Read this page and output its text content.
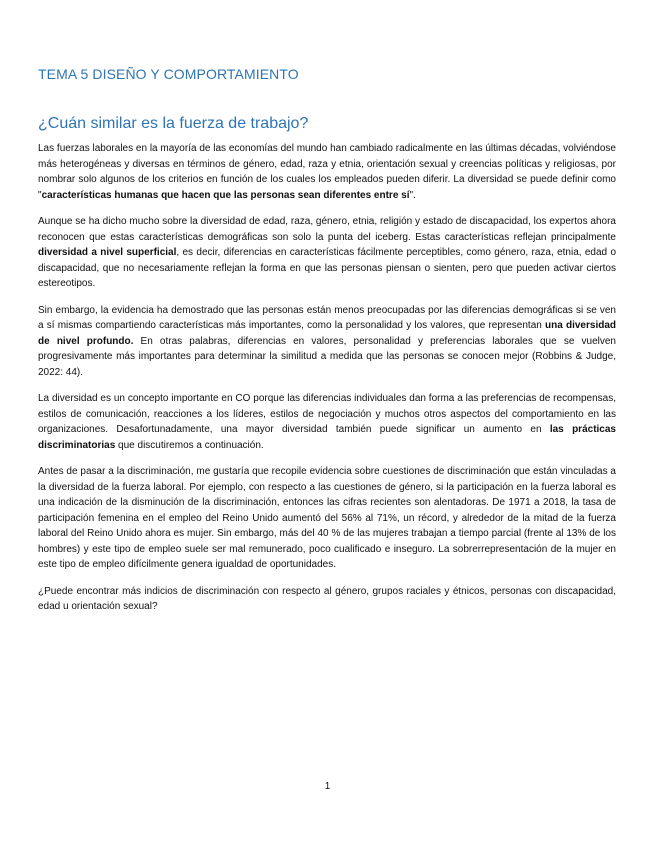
TEMA 5 DISEÑO Y COMPORTAMIENTO
¿Cuán similar es la fuerza de trabajo?

Las fuerzas laborales en la mayoría de las economías del mundo han cambiado radicalmente en las últimas décadas, volviéndose más heterogéneas y diversas en términos de género, edad, raza y etnia, orientación sexual y creencias políticas y religiosas, por nombrar solo algunos de los criterios en función de los cuales los empleados pueden diferir. La diversidad se puede definir como "características humanas que hacen que las personas sean diferentes entre sí".

Aunque se ha dicho mucho sobre la diversidad de edad, raza, género, etnia, religión y estado de discapacidad, los expertos ahora reconocen que estas características demográficas son solo la punta del iceberg. Estas características reflejan principalmente diversidad a nivel superficial, es decir, diferencias en características fácilmente perceptibles, como género, raza, etnia, edad o discapacidad, que no necesariamente reflejan la forma en que las personas piensan o sienten, pero que pueden activar ciertos estereotipos.

Sin embargo, la evidencia ha demostrado que las personas están menos preocupadas por las diferencias demográficas si se ven a sí mismas compartiendo características más importantes, como la personalidad y los valores, que representan una diversidad de nivel profundo. En otras palabras, diferencias en valores, personalidad y preferencias laborales que se vuelven progresivamente más importantes para determinar la similitud a medida que las personas se conocen mejor (Robbins & Judge, 2022: 44).

La diversidad es un concepto importante en CO porque las diferencias individuales dan forma a las preferencias de recompensas, estilos de comunicación, reacciones a los líderes, estilos de negociación y muchos otros aspectos del comportamiento en las organizaciones. Desafortunadamente, una mayor diversidad también puede significar un aumento en las prácticas discriminatorias que discutiremos a continuación.

Antes de pasar a la discriminación, me gustaría que recopile evidencia sobre cuestiones de discriminación que están vinculadas a la diversidad de la fuerza laboral. Por ejemplo, con respecto a las cuestiones de género, si la participación en la fuerza laboral es una indicación de la disminución de la discriminación, entonces las cifras recientes son alentadoras. De 1971 a 2018, la tasa de participación femenina en el empleo del Reino Unido aumentó del 56% al 71%, un récord, y alrededor de la mitad de la fuerza laboral del Reino Unido ahora es mujer. Sin embargo, más del 40 % de las mujeres trabajan a tiempo parcial (frente al 13% de los hombres) y este tipo de empleo suele ser mal remunerado, poco cualificado e inseguro. La sobrerrepresentación de la mujer en este tipo de empleo difícilmente genera igualdad de oportunidades.

¿Puede encontrar más indicios de discriminación con respecto al género, grupos raciales y étnicos, personas con discapacidad, edad u orientación sexual?

1
